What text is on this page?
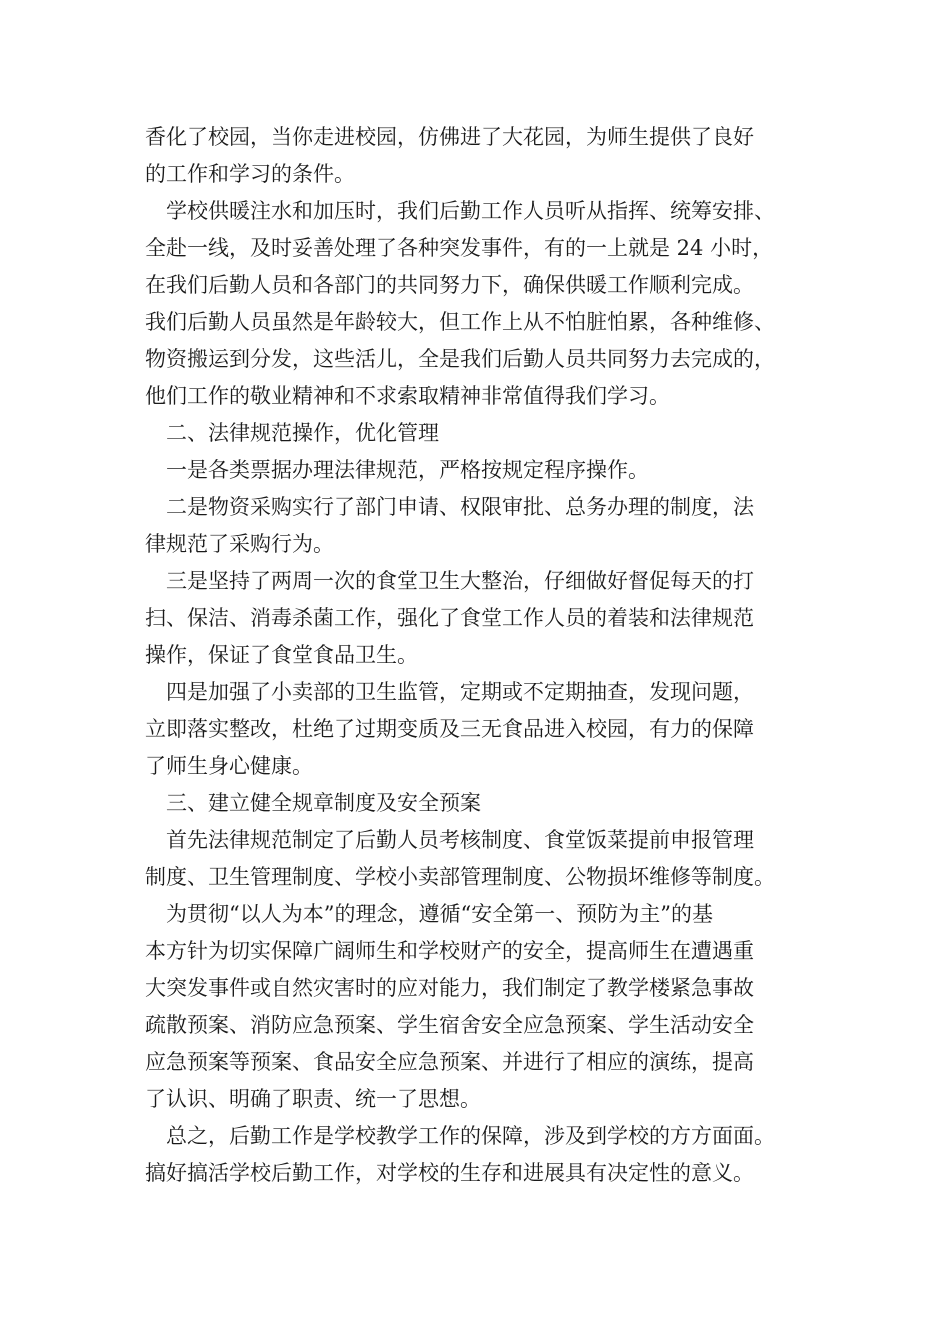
香化了校园，当你走进校园，仿佛进了大花园，为师生提供了良好
的工作和学习的条件。
学校供暖注水和加压时，我们后勤工作人员听从指挥、统筹安排、
全赴一线，及时妥善处理了各种突发事件，有的一上就是 24 小时，
在我们后勤人员和各部门的共同努力下，确保供暖工作顺利完成。
我们后勤人员虽然是年龄较大，但工作上从不怕脏怕累，各种维修、
物资搬运到分发，这些活儿，全是我们后勤人员共同努力去完成的，
他们工作的敬业精神和不求索取精神非常值得我们学习。
二、法律规范操作，优化管理
一是各类票据办理法律规范，严格按规定程序操作。
二是物资采购实行了部门申请、权限审批、总务办理的制度，法
律规范了采购行为。
三是坚持了两周一次的食堂卫生大整治，仔细做好督促每天的打
扫、保洁、消毒杀菌工作，强化了食堂工作人员的着装和法律规范
操作，保证了食堂食品卫生。
四是加强了小卖部的卫生监管，定期或不定期抽查，发现问题，
立即落实整改，杜绝了过期变质及三无食品进入校园，有力的保障
了师生身心健康。
三、建立健全规章制度及安全预案
首先法律规范制定了后勤人员考核制度、食堂饭菜提前申报管理
制度、卫生管理制度、学校小卖部管理制度、公物损坏维修等制度。
为贯彻“以人为本”的理念，遵循“安全第一、预防为主”的基
本方针为切实保障广阔师生和学校财产的安全，提高师生在遭遇重
大突发事件或自然灾害时的应对能力，我们制定了教学楼紧急事故
疏散预案、消防应急预案、学生宿舍安全应急预案、学生活动安全
应急预案等预案、食品安全应急预案、并进行了相应的演练，提高
了认识、明确了职责、统一了思想。
总之，后勤工作是学校教学工作的保障，涉及到学校的方方面面。
搞好搞活学校后勤工作，对学校的生存和进展具有决定性的意义。
